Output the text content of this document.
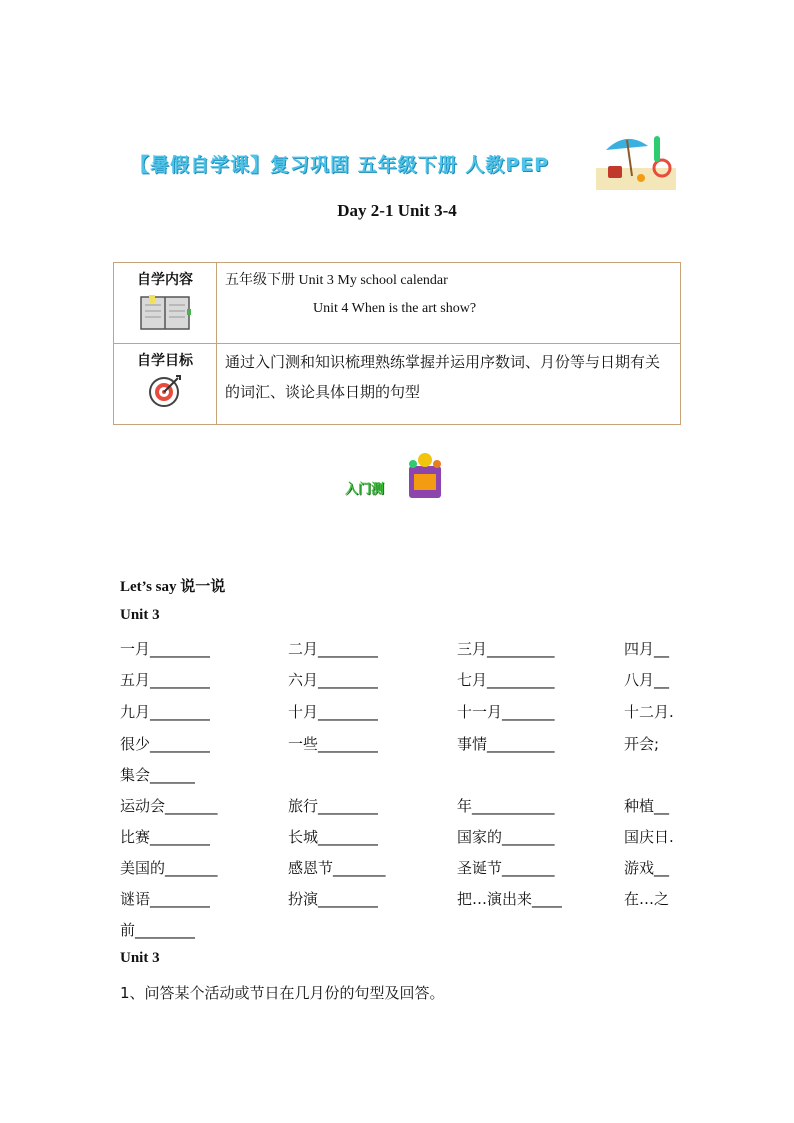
【暑假自学课】复习巩固 五年级下册 人教PEP
Day 2-1 Unit 3-4
自学内容	五年级下册 Unit 3 My school calendar
Unit 4 When is the art show?

自学目标	通过入门测和知识梳理熟练掌握并运用序数词、月份等与日期有关的词汇、谈论具体日期的句型
入门测
Let’s say 说一说
Unit 3
一月________	二月________	三月_________	四月__
五月________	六月________	七月_________	八月__
九月________	十月________	十一月_______	十二月.
很少________	一些________	事情_________	开会;
集会______
运动会_______	旅行________	年___________	种植__
比赛________	长城________	国家的_______	国庆日.
美国的_______	感恩节_______	圣诞节_______	游戏__
谜语________	扮演________	把…演出来____	在…之
前________
Unit 3
1、问答某个活动或节日在几月份的句型及回答。
